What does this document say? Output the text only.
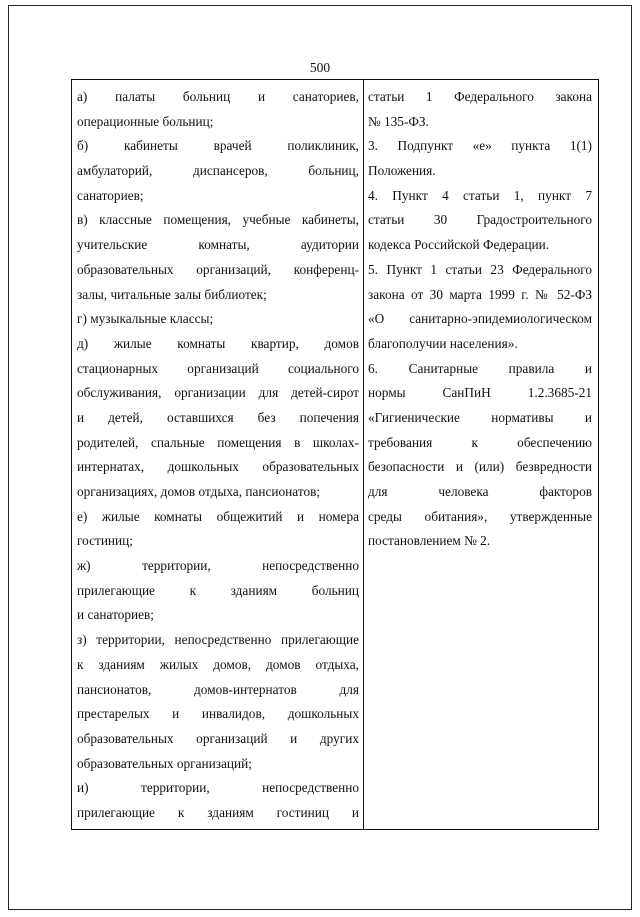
500
а) палаты больниц и санаториев,
операционные больниц;
б) кабинеты врачей поликлиник,
амбулаторий, диспансеров, больниц,
санаториев;
в) классные помещения, учебные кабинеты,
учительские комнаты, аудитории
образовательных организаций, конференц-
залы, читальные залы библиотек;
г) музыкальные классы;
д) жилые комнаты квартир, домов
стационарных организаций социального
обслуживания, организации для детей-сирот
и детей, оставшихся без попечения
родителей, спальные помещения в школах-
интернатах, дошкольных образовательных
организациях, домов отдыха, пансионатов;
е) жилые комнаты общежитий и номера
гостиниц;
ж) территории, непосредственно
прилегающие к зданиям больниц
и санаториев;
з) территории, непосредственно прилегающие
к зданиям жилых домов, домов отдыха,
пансионатов, домов-интернатов для
престарелых и инвалидов, дошкольных
образовательных организаций и других
образовательных организаций;
и) территории, непосредственно
прилегающие к зданиям гостиниц и
статьи 1 Федерального закона
№ 135-ФЗ.
3. Подпункт «е» пункта 1(1)
Положения.
4. Пункт 4 статьи 1, пункт 7
статьи 30 Градостроительного
кодекса Российской Федерации.
5. Пункт 1 статьи 23 Федерального
закона от 30 марта 1999 г. № 52-ФЗ
«О санитарно-эпидемиологическом
благополучии населения».
6. Санитарные правила и
нормы СанПиН 1.2.3685-21
«Гигиенические нормативы и
требования к обеспечению
безопасности и (или) безвредности
для человека факторов
среды обитания», утвержденные
постановлением № 2.
